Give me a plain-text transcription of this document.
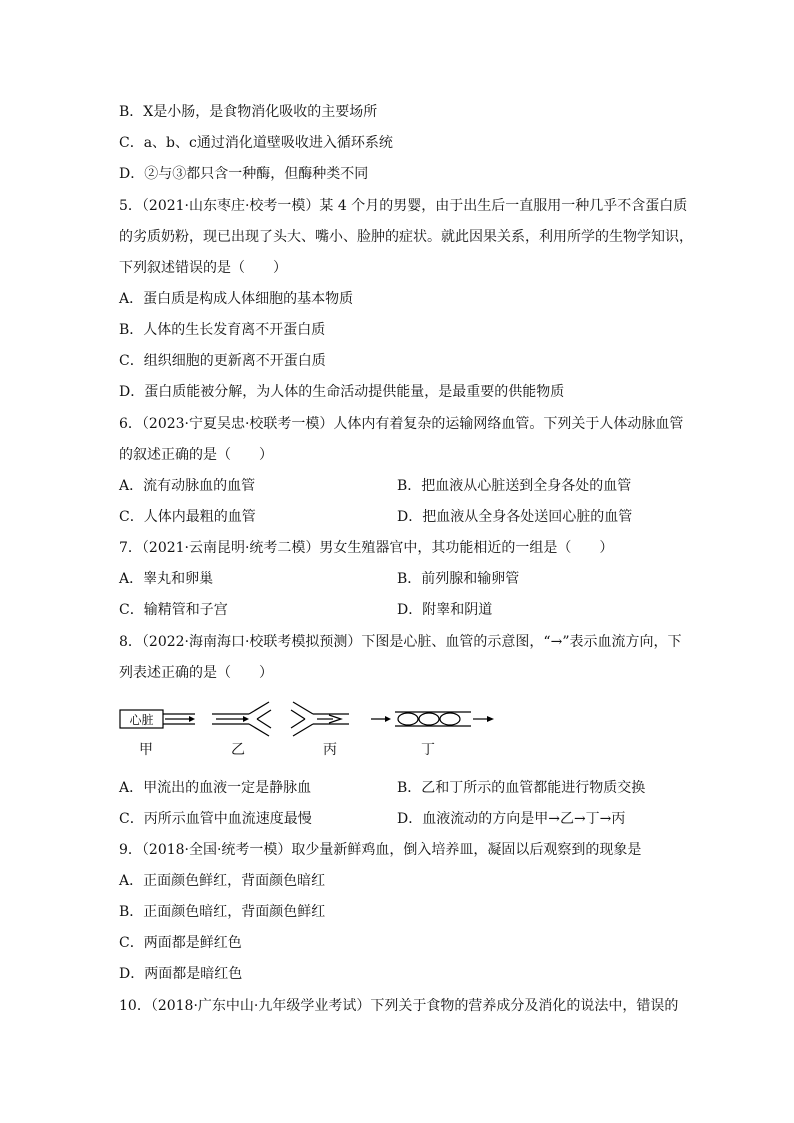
B．X是小肠，是食物消化吸收的主要场所
C．a、b、c通过消化道壁吸收进入循环系统
D．②与③都只含一种酶，但酶种类不同
5．（2021·山东枣庄·校考一模）某 4 个月的男婴，由于出生后一直服用一种几乎不含蛋白质
的劣质奶粉，现已出现了头大、嘴小、脸肿的症状。就此因果关系，利用所学的生物学知识，
下列叙述错误的是（　　）
A．蛋白质是构成人体细胞的基本物质
B．人体的生长发育离不开蛋白质
C．组织细胞的更新离不开蛋白质
D．蛋白质能被分解，为人体的生命活动提供能量，是最重要的供能物质
6．（2023·宁夏吴忠·校联考一模）人体内有着复杂的运输网络血管。下列关于人体动脉血管
的叙述正确的是（　　）
A．流有动脉血的血管	B．把血液从心脏送到全身各处的血管
C．人体内最粗的血管	D．把血液从全身各处送回心脏的血管
7．（2021·云南昆明·统考二模）男女生殖器官中，其功能相近的一组是（　　）
A．睾丸和卵巢	B．前列腺和输卵管
C．输精管和子宫	D．附睾和阴道
8．（2022·海南海口·校联考模拟预测）下图是心脏、血管的示意图，“→”表示血流方向，下
列表述正确的是（　　）
心脏
甲	乙	丙	丁
A．甲流出的血液一定是静脉血	B．乙和丁所示的血管都能进行物质交换
C．丙所示血管中血流速度最慢	D．血液流动的方向是甲→乙→丁→丙
9．（2018·全国·统考一模）取少量新鲜鸡血，倒入培养皿，凝固以后观察到的现象是
A．正面颜色鲜红，背面颜色暗红
B．正面颜色暗红，背面颜色鲜红
C．两面都是鲜红色
D．两面都是暗红色
10．（2018·广东中山·九年级学业考试）下列关于食物的营养成分及消化的说法中，错误的
